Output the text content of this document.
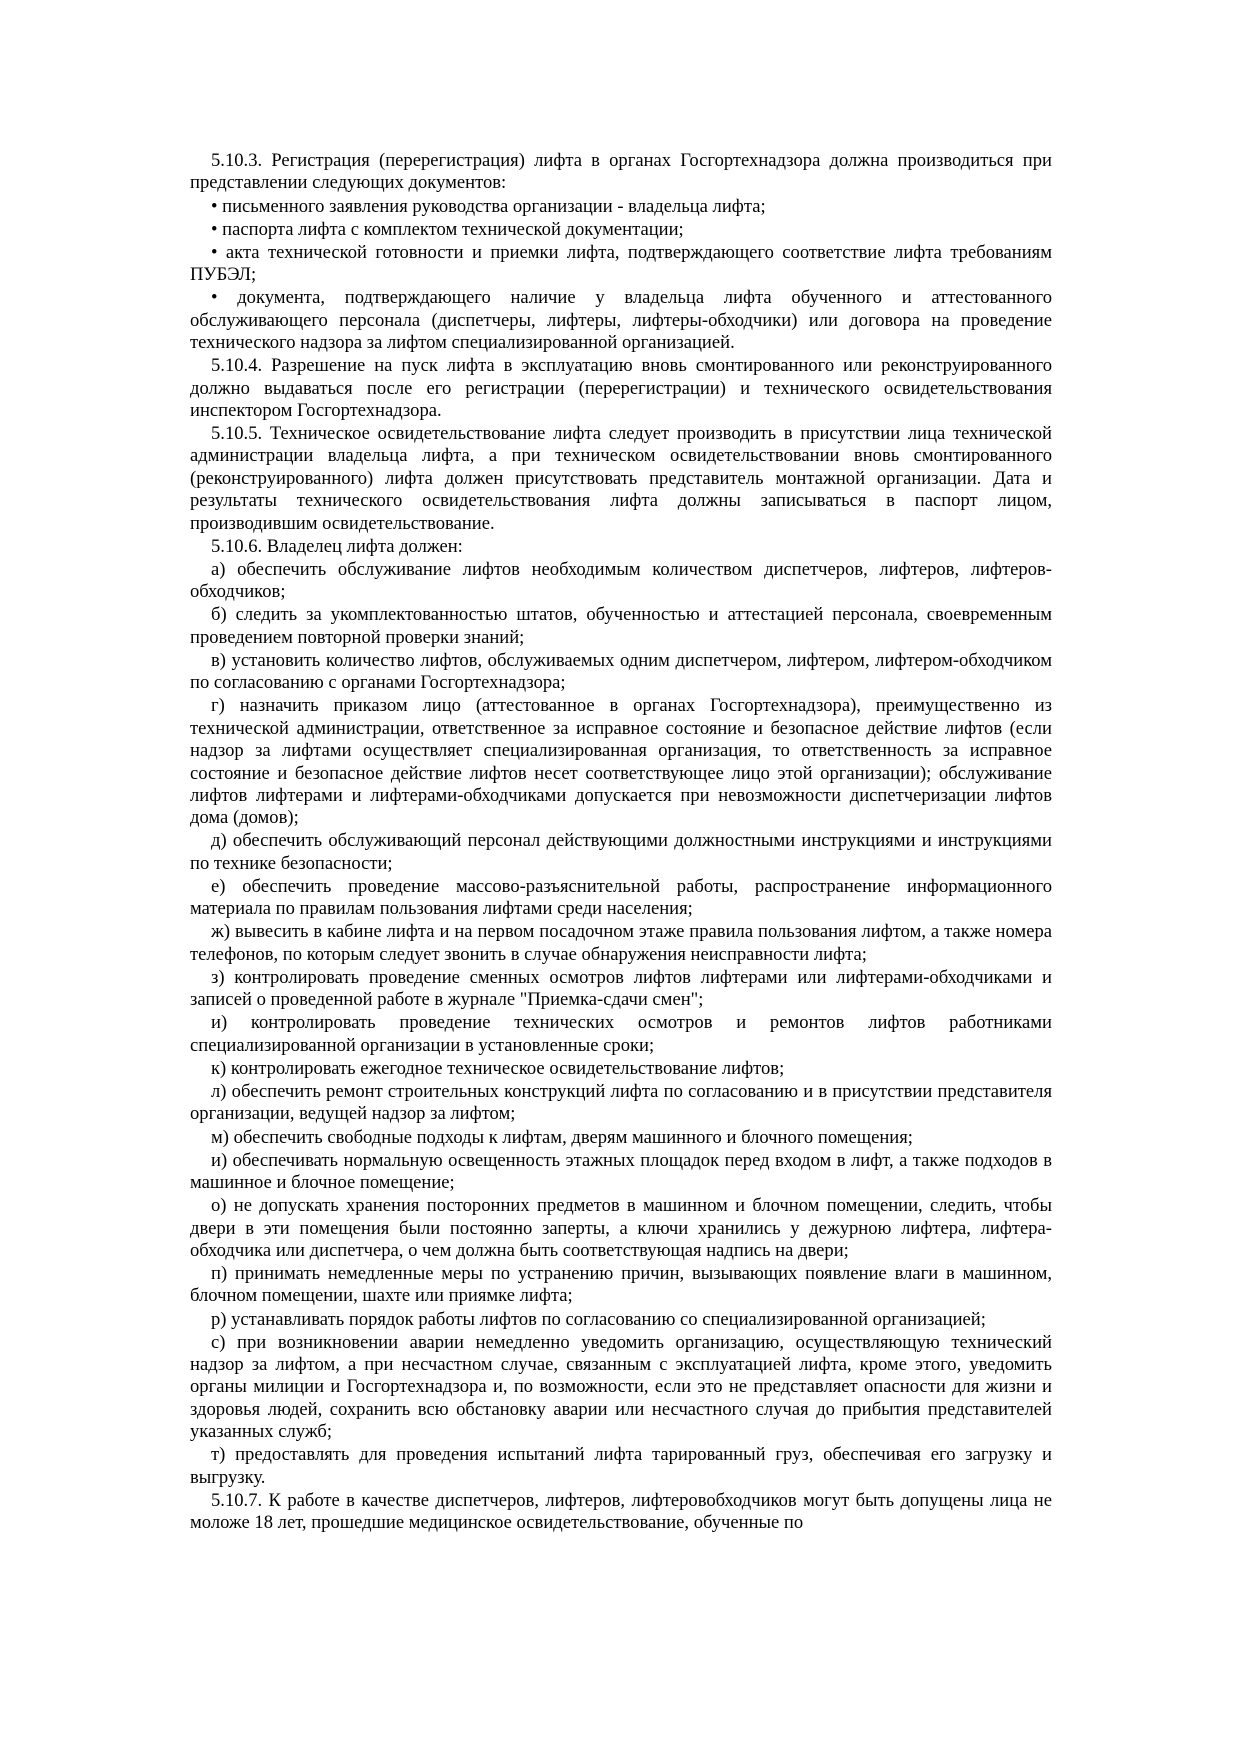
5.10.3. Регистрация (перерегистрация) лифта в органах Госгортехнадзора должна производиться при представлении следующих документов:

• письменного заявления руководства организации - владельца лифта;

• паспорта лифта с комплектом технической документации;

• акта технической готовности и приемки лифта, подтверждающего соответствие лифта требованиям ПУБЭЛ;

• документа, подтверждающего наличие у владельца лифта обученного и аттестованного обслуживающего персонала (диспетчеры, лифтеры, лифтеры-обходчики) или договора на проведение технического надзора за лифтом специализированной организацией.

5.10.4. Разрешение на пуск лифта в эксплуатацию вновь смонтированного или реконструированного должно выдаваться после его регистрации (перерегистрации) и технического освидетельствования инспектором Госгортехнадзора.

5.10.5. Техническое освидетельствование лифта следует производить в присутствии лица технической администрации владельца лифта, а при техническом освидетельствовании вновь смонтированного (реконструированного) лифта должен присутствовать представитель монтажной организации. Дата и результаты технического освидетельствования лифта должны записываться в паспорт лицом, производившим освидетельствование.

5.10.6. Владелец лифта должен:

а) обеспечить обслуживание лифтов необходимым количеством диспетчеров, лифтеров, лифтеров-обходчиков;

б) следить за укомплектованностью штатов, обученностью и аттестацией персонала, своевременным проведением повторной проверки знаний;

в) установить количество лифтов, обслуживаемых одним диспетчером, лифтером, лифтером-обходчиком по согласованию с органами Госгортехнадзора;

г) назначить приказом лицо (аттестованное в органах Госгортехнадзора), преимущественно из технической администрации, ответственное за исправное состояние и безопасное действие лифтов (если надзор за лифтами осуществляет специализированная организация, то ответственность за исправное состояние и безопасное действие лифтов несет соответствующее лицо этой организации); обслуживание лифтов лифтерами и лифтерами-обходчиками допускается при невозможности диспетчеризации лифтов дома (домов);

д) обеспечить обслуживающий персонал действующими должностными инструкциями и инструкциями по технике безопасности;

е) обеспечить проведение массово-разъяснительной работы, распространение информационного материала по правилам пользования лифтами среди населения;

ж) вывесить в кабине лифта и на первом посадочном этаже правила пользования лифтом, а также номера телефонов, по которым следует звонить в случае обнаружения неисправности лифта;

з) контролировать проведение сменных осмотров лифтов лифтерами или лифтерами-обходчиками и записей о проведенной работе в журнале "Приемка-сдачи смен";

и) контролировать проведение технических осмотров и ремонтов лифтов работниками специализированной организации в установленные сроки;

к) контролировать ежегодное техническое освидетельствование лифтов;

л) обеспечить ремонт строительных конструкций лифта по согласованию и в присутствии представителя организации, ведущей надзор за лифтом;

м) обеспечить свободные подходы к лифтам, дверям машинного и блочного помещения;

и) обеспечивать нормальную освещенность этажных площадок перед входом в лифт, а также подходов в машинное и блочное помещение;

о) не допускать хранения посторонних предметов в машинном и блочном помещении, следить, чтобы двери в эти помещения были постоянно заперты, а ключи хранились у дежурною лифтера, лифтера-обходчика или диспетчера, о чем должна быть соответствующая надпись на двери;

п) принимать немедленные меры по устранению причин, вызывающих появление влаги в машинном, блочном помещении, шахте или приямке лифта;

р) устанавливать порядок работы лифтов по согласованию со специализированной организацией;

с) при возникновении аварии немедленно уведомить организацию, осуществляющую технический надзор за лифтом, а при несчастном случае, связанным с эксплуатацией лифта, кроме этого, уведомить органы милиции и Госгортехнадзора и, по возможности, если это не представляет опасности для жизни и здоровья людей, сохранить всю обстановку аварии или несчастного случая до прибытия представителей указанных служб;

т) предоставлять для проведения испытаний лифта тарированный груз, обеспечивая его загрузку и выгрузку.

5.10.7. К работе в качестве диспетчеров, лифтеров, лифтеровобходчиков могут быть допущены лица не моложе 18 лет, прошедшие медицинское освидетельствование, обученные по
